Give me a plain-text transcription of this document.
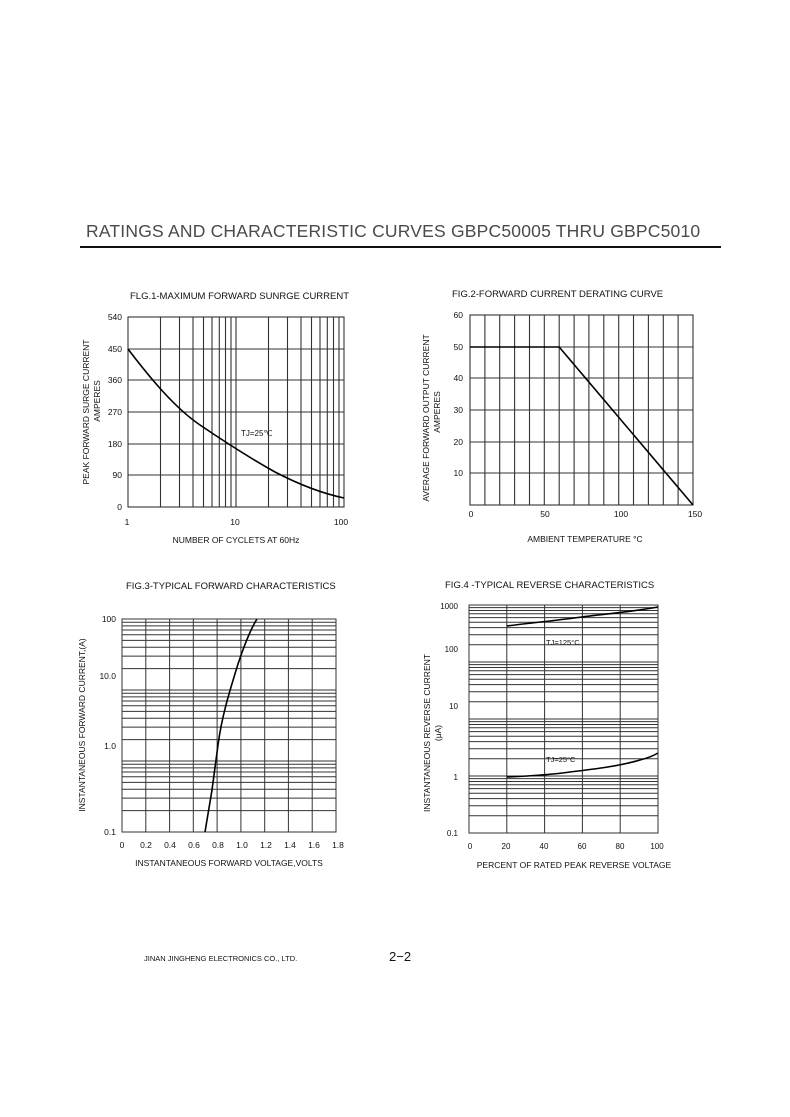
RATINGS AND CHARACTERISTIC CURVES GBPC50005 THRU GBPC5010
FLG.1-MAXIMUM FORWARD SUNRGE CURRENT	FIG.2-FORWARD CURRENT DERATING CURVE
FIG.3-TYPICAL FORWARD CHARACTERISTICS	FIG.4 -TYPICAL REVERSE CHARACTERISTICS
540
450
360
270
180
90
0
1	10	100
NUMBER OF CYCLETS AT 60Hz
TJ=25℃
PEAK FORWARD SURGE CURRENT AMPERES
60
50
40
30
20
10
0	50	100	150
AMBIENT TEMPERATURE °C
AVERAGE FORWARD OUTPUT CURRENT AMPERES
100
10.0
1.0
0.1
0 0.2 0.4 0.6 0.8 1.0 1.2 1.4 1.6 1.8
INSTANTANEOUS FORWARD VOLTAGE,VOLTS
INSTANTANEOUS FORWARD CURRENT,(A)
1000
100
10
1
0.1
0	20	40	60	80	100
PERCENT OF RATED PEAK REVERSE VOLTAGE
TJ=125°C
TJ=25°C
INSTANTANEOUS REVERSE CURRENT (μA)
JINAN JINGHENG ELECTRONICS CO., LTD.	2−2
